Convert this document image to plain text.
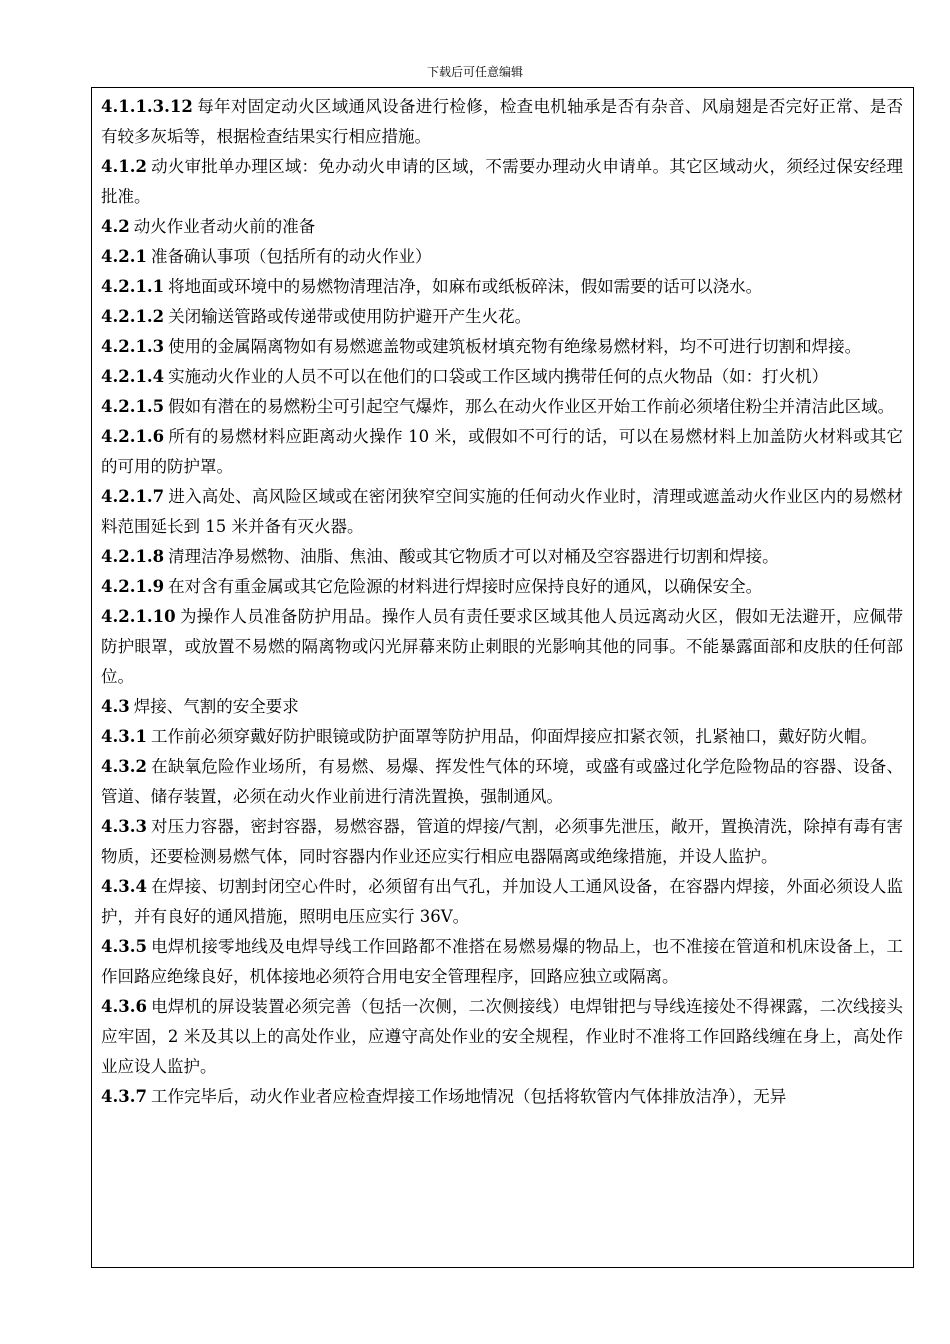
下载后可任意编辑

4.1.1.3.12 每年对固定动火区域通风设备进行检修，检查电机轴承是否有杂音、风扇翅是否完好正常、是否有较多灰垢等，根据检查结果实行相应措施。

4.1.2 动火审批单办理区域：免办动火申请的区域，不需要办理动火申请单。其它区域动火，须经过保安经理批准。

4.2 动火作业者动火前的准备

4.2.1 准备确认事项（包括所有的动火作业）

4.2.1.1 将地面或环境中的易燃物清理洁净，如麻布或纸板碎沫，假如需要的话可以浇水。

4.2.1.2 关闭输送管路或传递带或使用防护避开产生火花。

4.2.1.3 使用的金属隔离物如有易燃遮盖物或建筑板材填充物有绝缘易燃材料，均不可进行切割和焊接。

4.2.1.4 实施动火作业的人员不可以在他们的口袋或工作区域内携带任何的点火物品（如：打火机）

4.2.1.5 假如有潜在的易燃粉尘可引起空气爆炸，那么在动火作业区开始工作前必须堵住粉尘并清洁此区域。

4.2.1.6 所有的易燃材料应距离动火操作 10 米，或假如不可行的话，可以在易燃材料上加盖防火材料或其它的可用的防护罩。

4.2.1.7 进入高处、高风险区域或在密闭狭窄空间实施的任何动火作业时，清理或遮盖动火作业区内的易燃材料范围延长到 15 米并备有灭火器。

4.2.1.8 清理洁净易燃物、油脂、焦油、酸或其它物质才可以对桶及空容器进行切割和焊接。

4.2.1.9 在对含有重金属或其它危险源的材料进行焊接时应保持良好的通风，以确保安全。

4.2.1.10 为操作人员准备防护用品。操作人员有责任要求区域其他人员远离动火区，假如无法避开，应佩带防护眼罩，或放置不易燃的隔离物或闪光屏幕来防止刺眼的光影响其他的同事。不能暴露面部和皮肤的任何部位。

4.3 焊接、气割的安全要求

4.3.1 工作前必须穿戴好防护眼镜或防护面罩等防护用品，仰面焊接应扣紧衣领，扎紧袖口，戴好防火帽。

4.3.2 在缺氧危险作业场所，有易燃、易爆、挥发性气体的环境，或盛有或盛过化学危险物品的容器、设备、管道、储存装置，必须在动火作业前进行清洗置换，强制通风。

4.3.3 对压力容器，密封容器，易燃容器，管道的焊接/气割，必须事先泄压，敞开，置换清洗，除掉有毒有害物质，还要检测易燃气体，同时容器内作业还应实行相应电器隔离或绝缘措施，并设人监护。

4.3.4 在焊接、切割封闭空心件时，必须留有出气孔，并加设人工通风设备，在容器内焊接，外面必须设人监护，并有良好的通风措施，照明电压应实行 36V。

4.3.5 电焊机接零地线及电焊导线工作回路都不准搭在易燃易爆的物品上，也不准接在管道和机床设备上，工作回路应绝缘良好，机体接地必须符合用电安全管理程序，回路应独立或隔离。

4.3.6 电焊机的屏设装置必须完善（包括一次侧，二次侧接线）电焊钳把与导线连接处不得裸露，二次线接头应牢固，2 米及其以上的高处作业，应遵守高处作业的安全规程，作业时不准将工作回路线缠在身上，高处作业应设人监护。

4.3.7 工作完毕后，动火作业者应检查焊接工作场地情况（包括将软管内气体排放洁净），无异
